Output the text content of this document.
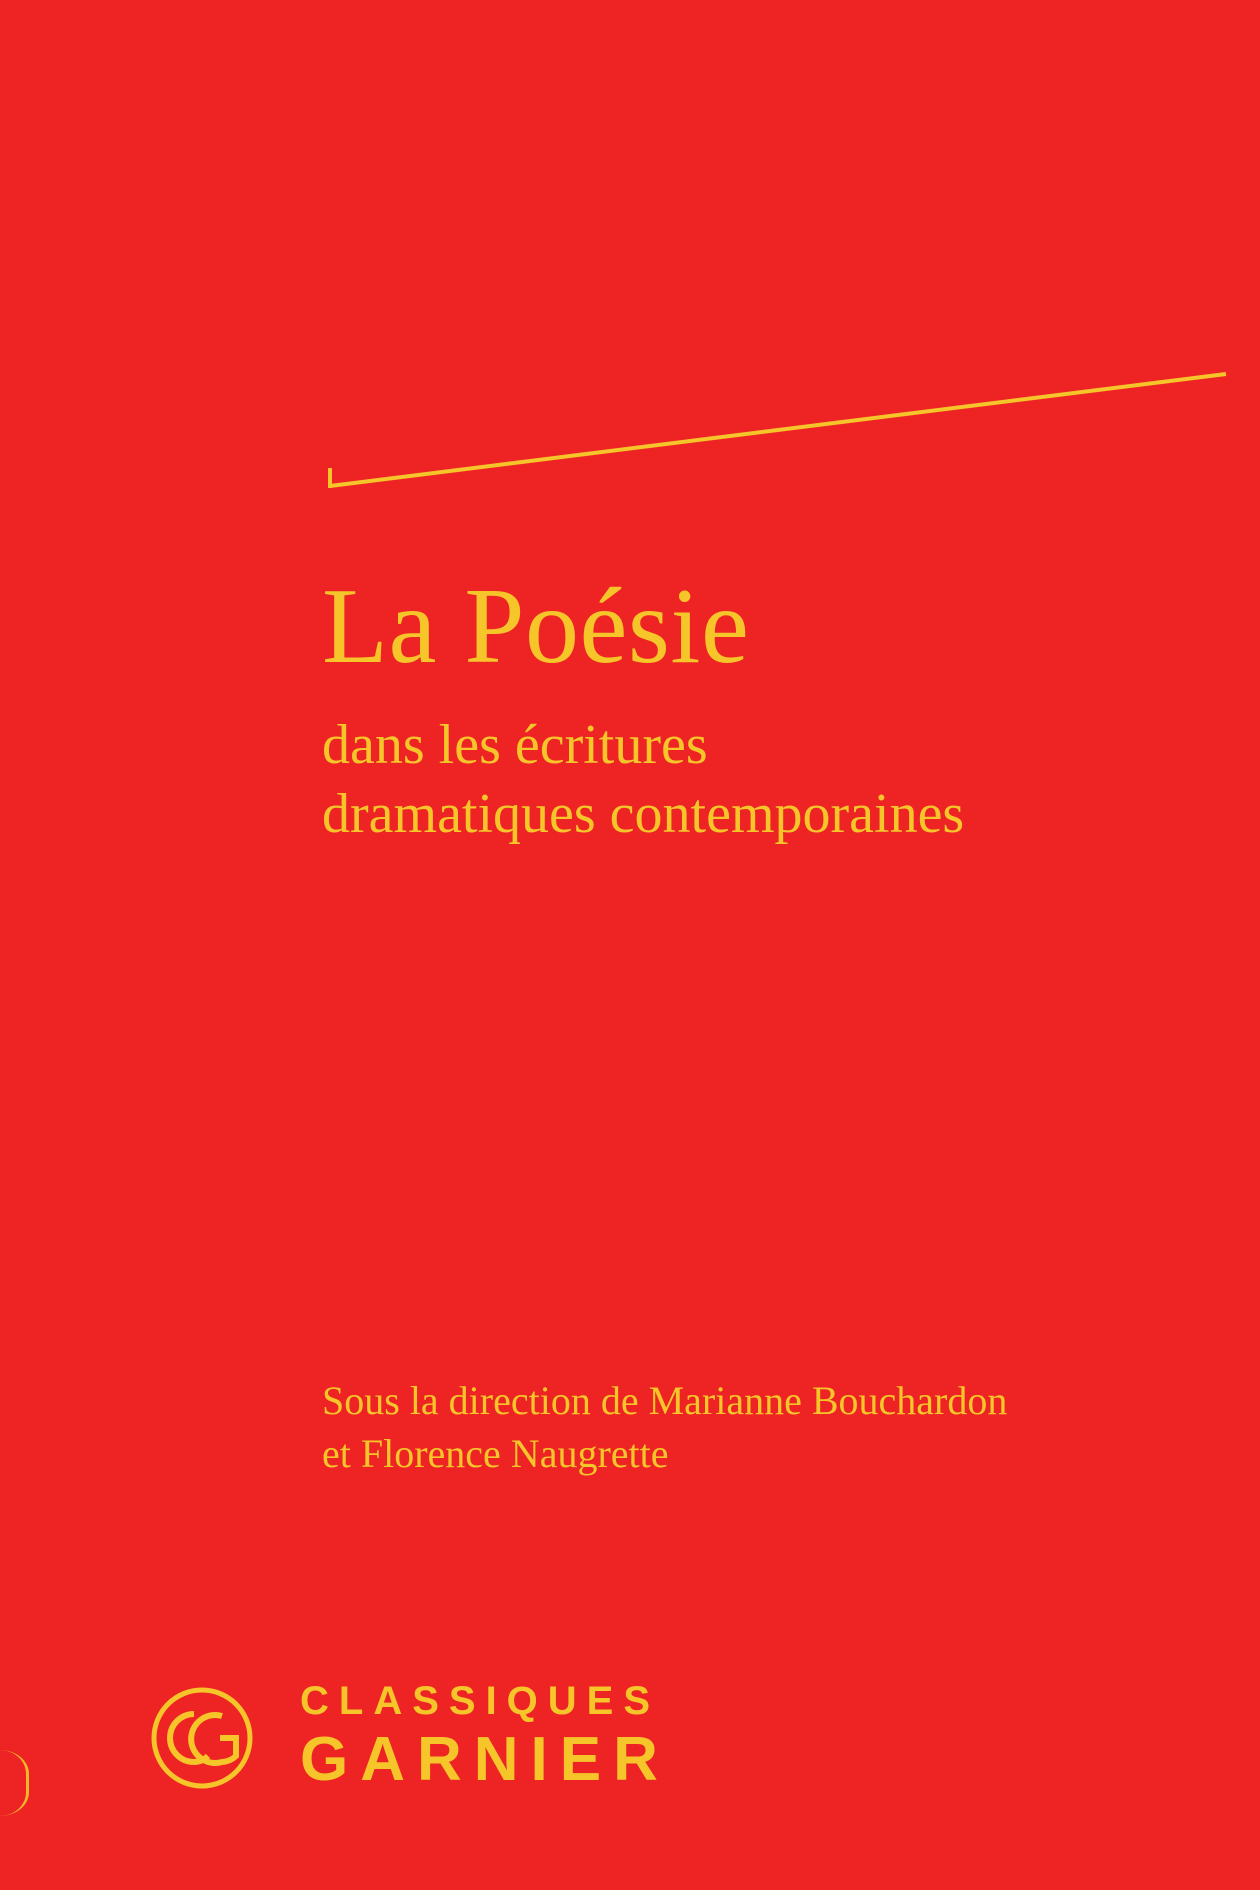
La Poésie

dans les écritures
dramatiques contemporaines

Sous la direction de Marianne Bouchardon
et Florence Naugrette
CLASSIQUES
GARNIER
